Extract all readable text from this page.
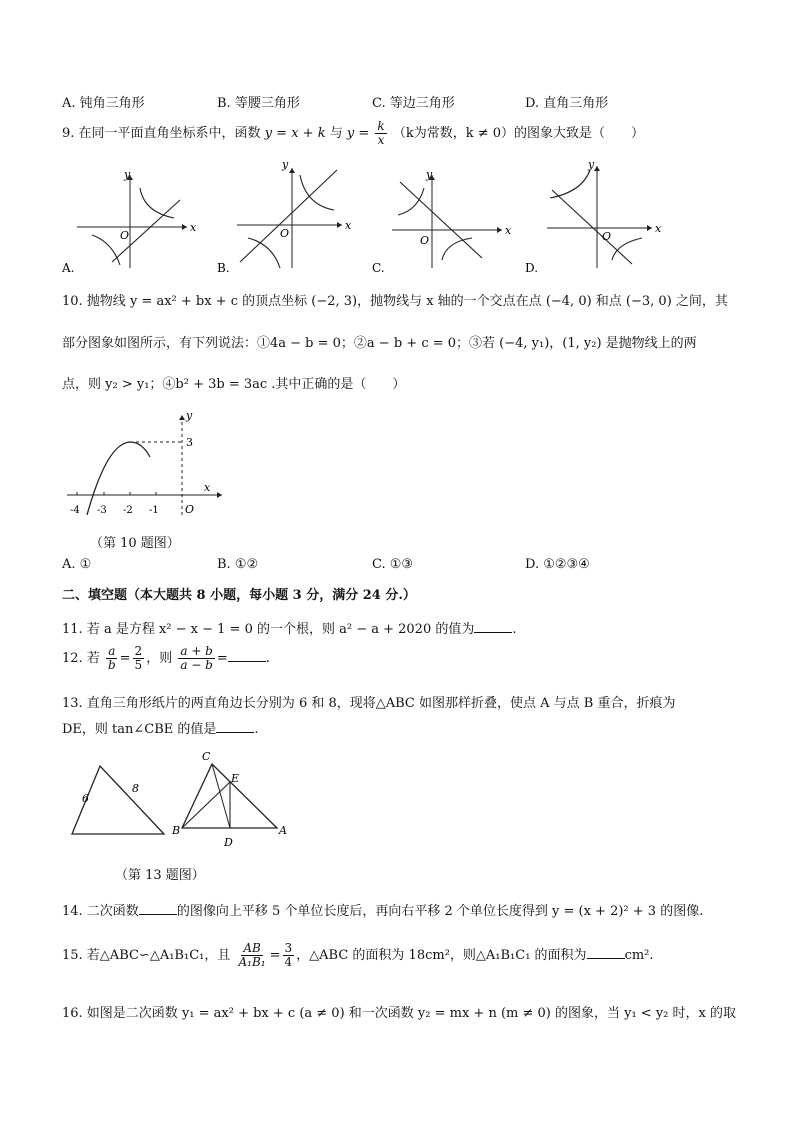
A. 钝角三角形	B. 等腰三角形	C. 等边三角形	D. 直角三角形
9. 在同一平面直角坐标系中，函数 y = x + k 与 $y = \frac{k}{x} (k$为常数，k ≠ 0）的图象大致是（　　）
x
y
O
A.
x
y
O
B.
x
y
O
C.
x
y
O
D.
10. 抛物线 y = ax² + bx + c 的顶点坐标 (−2, 3)，抛物线与 x 轴的一个交点在点 (−4, 0) 和点 (−3, 0) 之间，其
部分图象如图所示，有下列说法：①4a − b = 0；②a − b + c = 0；③若 (−4, y₁)，(1, y₂) 是抛物线上的两
点，则 y₂ > y₁；④b² + 3b = 3ac .其中正确的是（　　）
-4 -3 -2 -1
3
x
y
O
（第 10 题图）
A. ①	B. ①②	C. ①③	D. ①②③④
二、填空题（本大题共 8 小题，每小题 3 分，满分 24 分.）
11. 若 a 是方程 x² − x − 1 = 0 的一个根，则 a² − a + 2020 的值为	.
12. 若 $\frac{a}{b} = \frac{2}{5}$ ，则 $\frac{a + b}{a - b}$ =	.
13. 直角三角形纸片的两直角边长分别为 6 和 8，现将△ABC 如图那样折叠，使点 A 与点 B 重合，折痕为
DE，则 tan∠CBE 的值是	.
6
8
C
E
B
D
A
（第 13 题图）
14. 二次函数	的图像向上平移 5 个单位长度后，再向右平移 2 个单位长度得到 y = (x + 2)² + 3 的图像.
15. 若△ABC∽△A₁B₁C₁，且 $\frac{AB}{\text{A₁B₁}} = \frac{3}{4}$ ，△ABC 的面积为 18cm²，则△A₁B₁C₁ 的面积为	cm².
16. 如图是二次函数 y₁ = ax² + bx + c (a ≠ 0) 和一次函数 y₂ = mx + n (m ≠ 0) 的图象，当 y₁ < y₂ 时，x 的取
